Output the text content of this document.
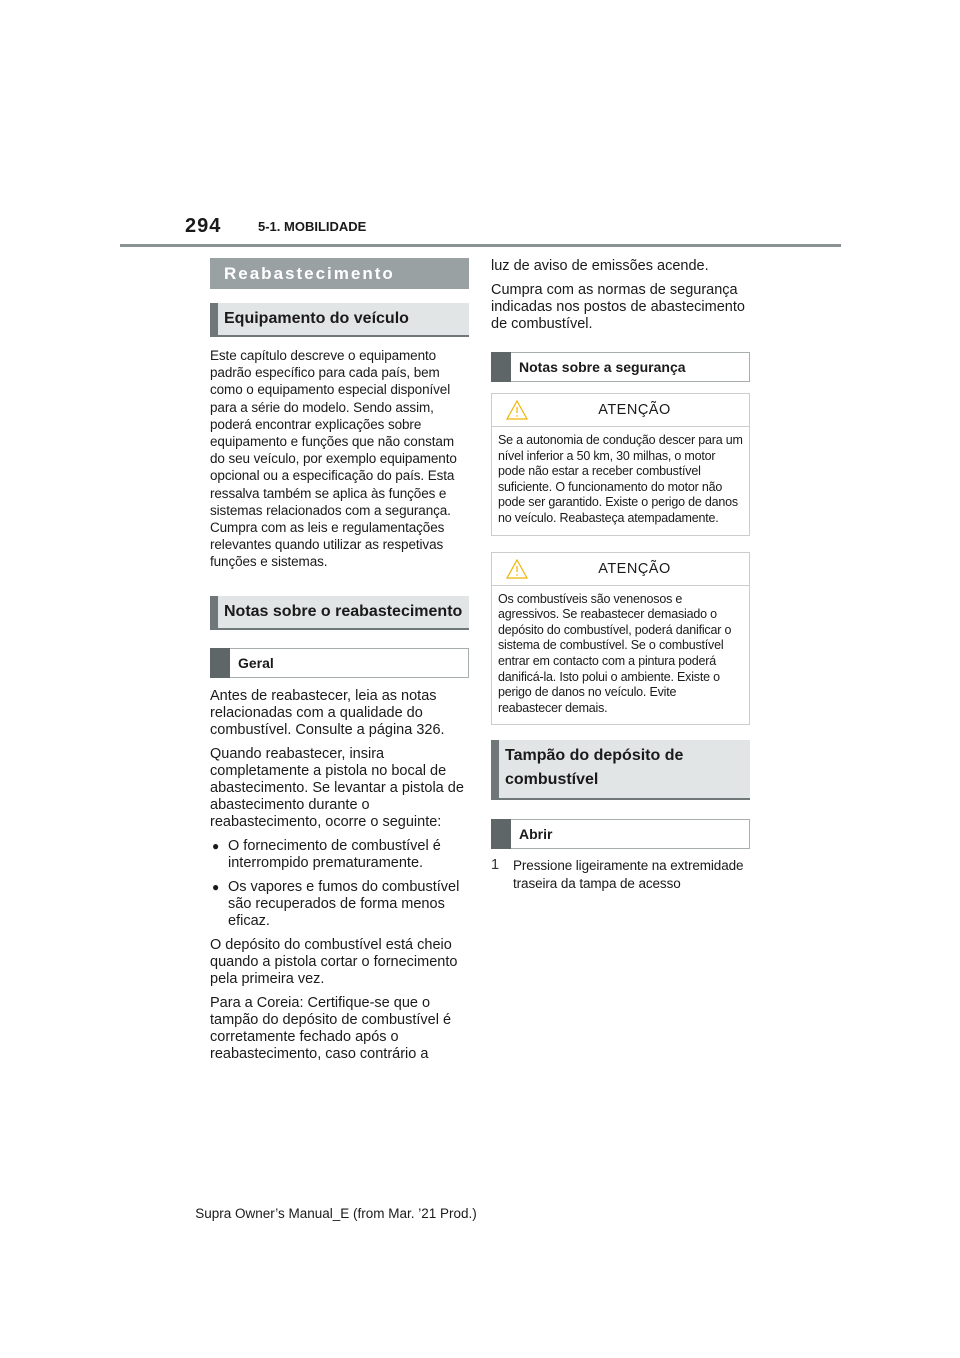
294	5-1. MOBILIDADE
Reabastecimento
Equipamento do veículo

Este capítulo descreve o equipamento padrão específico para cada país, bem como o equipamento especial disponível para a série do modelo. Sendo assim, poderá encontrar explicações sobre equipamento e funções que não constam do seu veículo, por exemplo equipamento opcional ou a especificação do país. Esta ressalva também se aplica às funções e sistemas relacionados com a segurança. Cumpra com as leis e regulamentações relevantes quando utilizar as respetivas funções e sistemas.

Notas sobre o reabastecimento
Geral

Antes de reabastecer, leia as notas relacionadas com a qualidade do combustível. Consulte a página 326.

Quando reabastecer, insira completamente a pistola no bocal de abastecimento. Se levantar a pistola de abastecimento durante o reabastecimento, ocorre o seguinte:

● O fornecimento de combustível é interrompido prematuramente.
● Os vapores e fumos do combustível são recuperados de forma menos eficaz.

O depósito do combustível está cheio quando a pistola cortar o fornecimento pela primeira vez.

Para a Coreia: Certifique-se que o tampão do depósito de combustível é corretamente fechado após o reabastecimento, caso contrário a

luz de aviso de emissões acende.

Cumpra com as normas de segurança indicadas nos postos de abastecimento de combustível.

Notas sobre a segurança
ATENÇÃO

Se a autonomia de condução descer para um nível inferior a 50 km, 30 milhas, o motor pode não estar a receber combustível suficiente. O funcionamento do motor não pode ser garantido. Existe o perigo de danos no veículo. Reabasteça atempadamente.

ATENÇÃO

Os combustíveis são venenosos e agressivos. Se reabastecer demasiado o depósito do combustível, poderá danificar o sistema de combustível. Se o combustível entrar em contacto com a pintura poderá danificá-la. Isto polui o ambiente. Existe o perigo de danos no veículo. Evite reabastecer demais.

Tampão do depósito de combustível
Abrir
1 Pressione ligeiramente na extremidade traseira da tampa de acesso
Supra Owner’s Manual_E (from Mar. ’21 Prod.)
